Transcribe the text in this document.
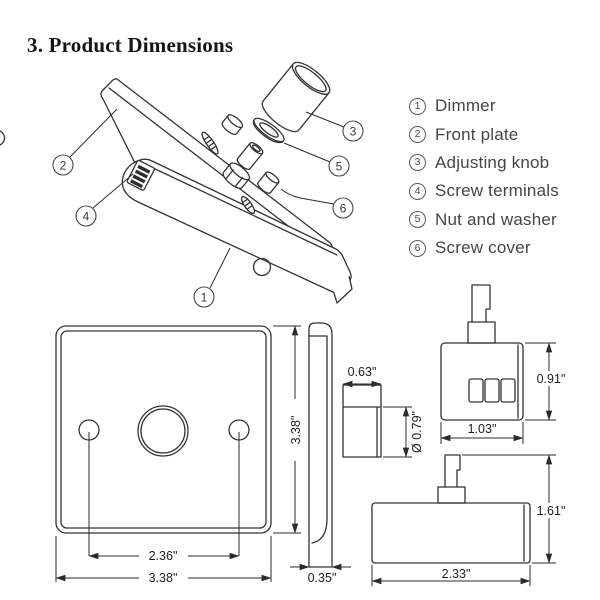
3. Product Dimensions
1 Dimmer
2 Front plate
3 Adjusting knob
4 Screw terminals
5 Nut and washer
6 Screw cover
1
2
3
4
5
6
2.36"
3.38"
3.38"
0.35"
0.63"
Ø 0.79"
0.91"
1.03"
1.61"
2.33"
